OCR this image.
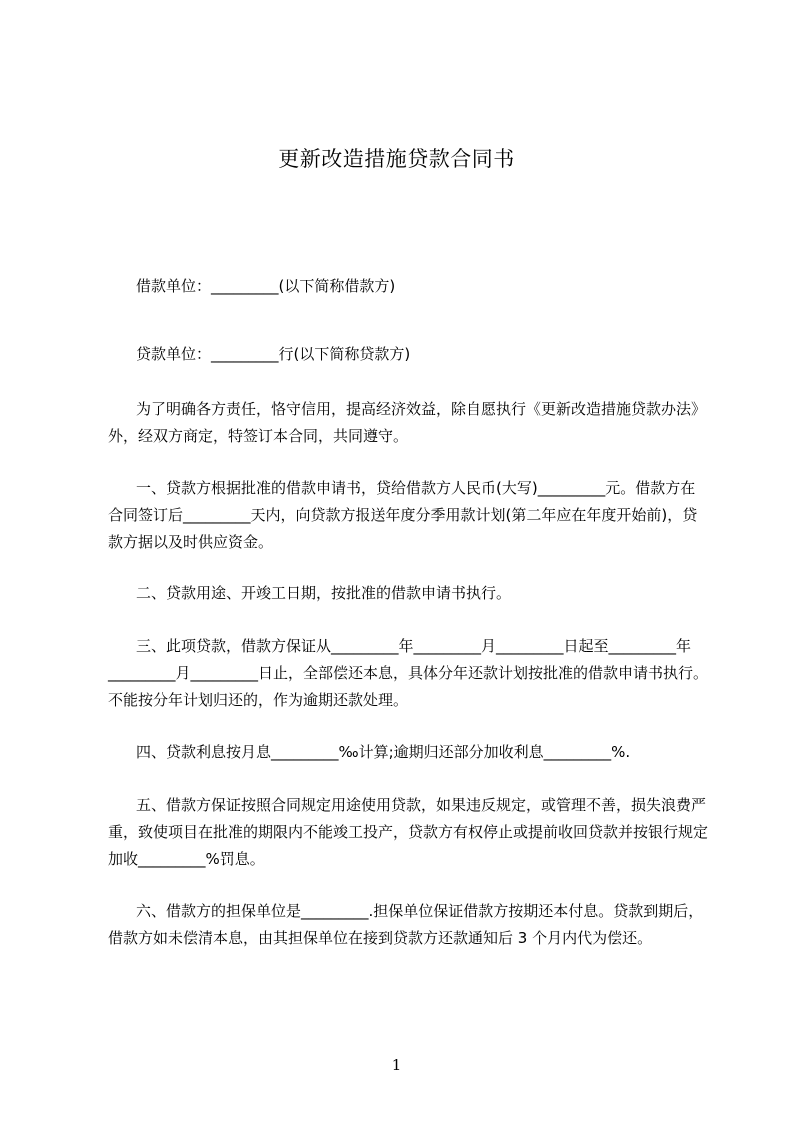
更新改造措施贷款合同书

借款单位：_________(以下简称借款方)

贷款单位：_________行(以下简称贷款方)

为了明确各方责任，恪守信用，提高经济效益，除自愿执行《更新改造措施贷款办法》外，经双方商定，特签订本合同，共同遵守。

一、贷款方根据批准的借款申请书，贷给借款方人民币(大写)_________元。借款方在合同签订后_________天内，向贷款方报送年度分季用款计划(第二年应在年度开始前)，贷款方据以及时供应资金。

二、贷款用途、开竣工日期，按批准的借款申请书执行。

三、此项贷款，借款方保证从_________年_________月_________日起至_________年_________月_________日止，全部偿还本息，具体分年还款计划按批准的借款申请书执行。不能按分年计划归还的，作为逾期还款处理。

四、贷款利息按月息_________‰计算;逾期归还部分加收利息_________%.

五、借款方保证按照合同规定用途使用贷款，如果违反规定，或管理不善，损失浪费严重，致使项目在批准的期限内不能竣工投产，贷款方有权停止或提前收回贷款并按银行规定加收_________%罚息。

六、借款方的担保单位是_________.担保单位保证借款方按期还本付息。贷款到期后，借款方如未偿清本息，由其担保单位在接到贷款方还款通知后 3 个月内代为偿还。

1
